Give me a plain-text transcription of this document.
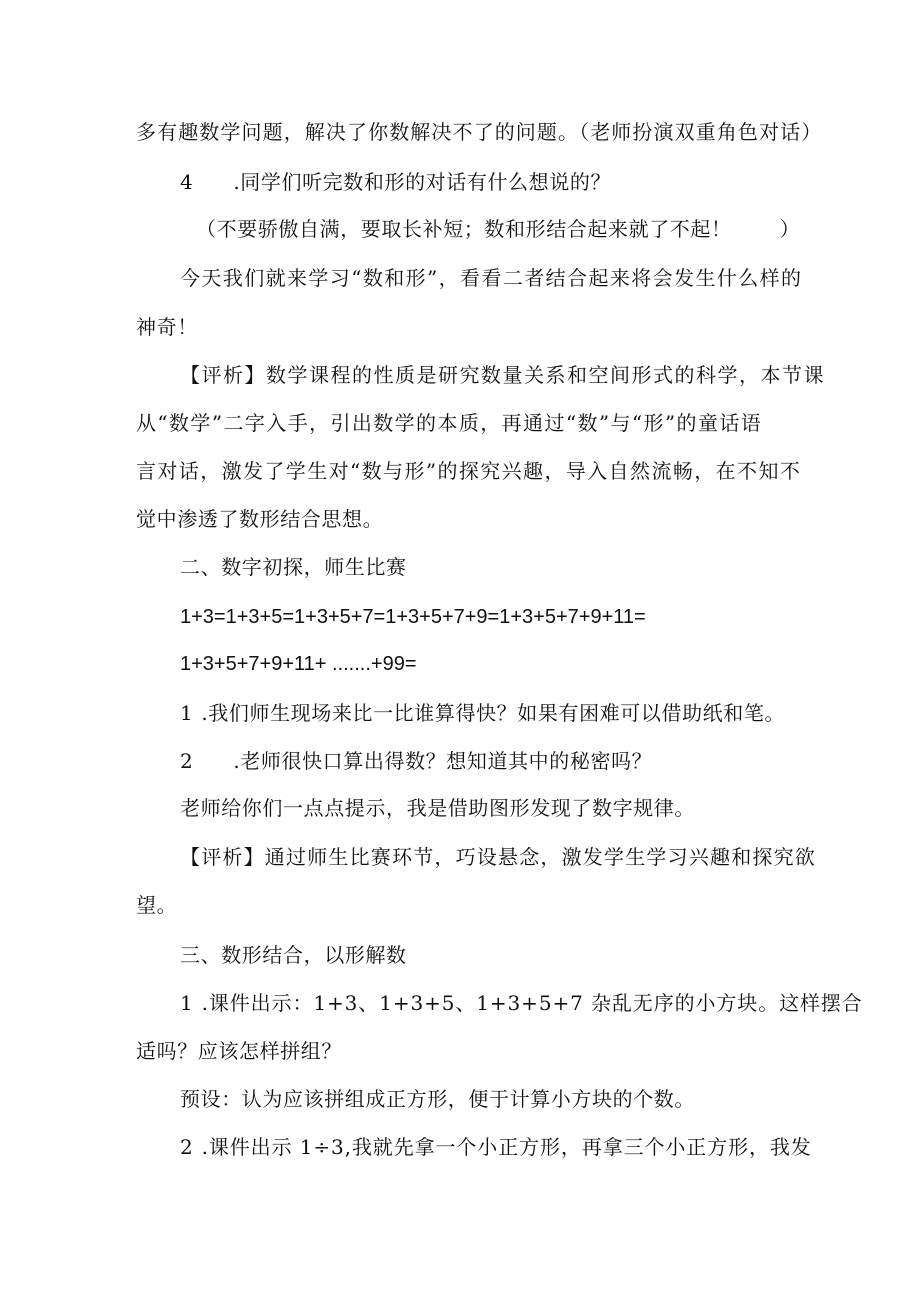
多有趣数学问题，解决了你数解决不了的问题。（老师扮演双重角色对话）
4 .同学们听完数和形的对话有什么想说的？
（不要骄傲自满，要取长补短；数和形结合起来就了不起！ ）
今天我们就来学习“数和形”，看看二者结合起来将会发生什么样的
神奇！
【评析】数学课程的性质是研究数量关系和空间形式的科学，本节课
从“数学”二字入手，引出数学的本质，再通过“数”与“形”的童话语
言对话，激发了学生对“数与形”的探究兴趣，导入自然流畅，在不知不
觉中渗透了数形结合思想。
二、数字初探，师生比赛
1+3=1+3+5=1+3+5+7=1+3+5+7+9=1+3+5+7+9+11=
1+3+5+7+9+11+ .......+99=
1 .我们师生现场来比一比谁算得快？如果有困难可以借助纸和笔。
2 .老师很快口算出得数？想知道其中的秘密吗？
老师给你们一点点提示，我是借助图形发现了数字规律。
【评析】通过师生比赛环节，巧设悬念，激发学生学习兴趣和探究欲
望。
三、数形结合，以形解数
1 .课件出示：1+3、1+3+5、1+3+5+7 杂乱无序的小方块。这样摆合
适吗？应该怎样拼组？
预设：认为应该拼组成正方形，便于计算小方块的个数。
2 .课件出示 1÷3,我就先拿一个小正方形，再拿三个小正方形，我发
